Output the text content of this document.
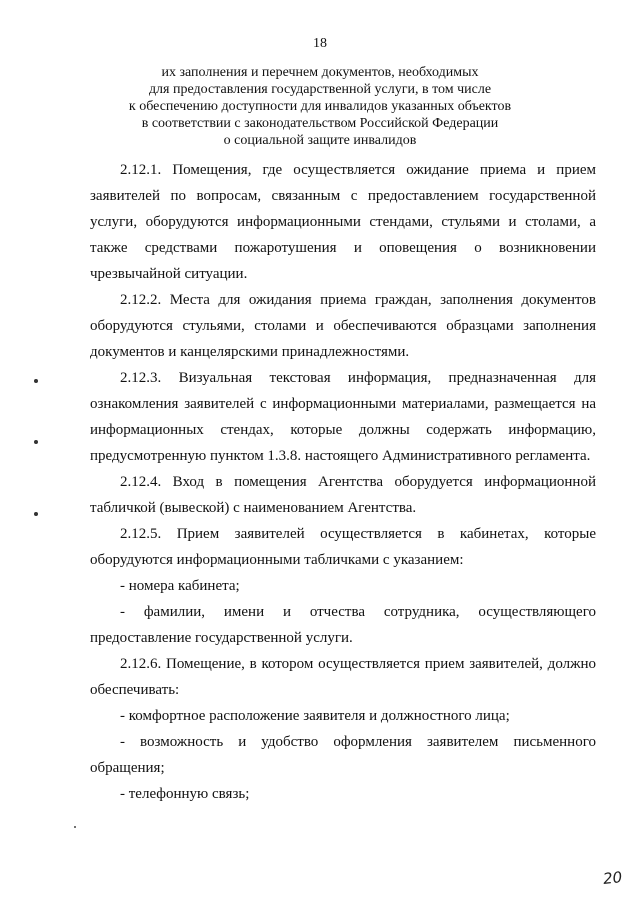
18
их заполнения и перечнем документов, необходимых
для предоставления государственной услуги, в том числе
к обеспечению доступности для инвалидов указанных объектов
в соответствии с законодательством Российской Федерации
о социальной защите инвалидов

2.12.1. Помещения, где осуществляется ожидание приема и прием заявителей по вопросам, связанным с предоставлением государственной услуги, оборудуются информационными стендами, стульями и столами, а также средствами пожаротушения и оповещения о возникновении чрезвычайной ситуации.

2.12.2. Места для ожидания приема граждан, заполнения документов оборудуются стульями, столами и обеспечиваются образцами заполнения документов и канцелярскими принадлежностями.

2.12.3. Визуальная текстовая информация, предназначенная для ознакомления заявителей с информационными материалами, размещается на информационных стендах, которые должны содержать информацию, предусмотренную пунктом 1.3.8. настоящего Административного регламента.

2.12.4. Вход в помещения Агентства оборудуется информационной табличкой (вывеской) с наименованием Агентства.

2.12.5. Прием заявителей осуществляется в кабинетах, которые оборудуются информационными табличками с указанием:

- номера кабинета;

- фамилии, имени и отчества сотрудника, осуществляющего предоставление государственной услуги.

2.12.6. Помещение, в котором осуществляется прием заявителей, должно обеспечивать:

- комфортное расположение заявителя и должностного лица;

- возможность и удобство оформления заявителем письменного обращения;

- телефонную связь;

20
